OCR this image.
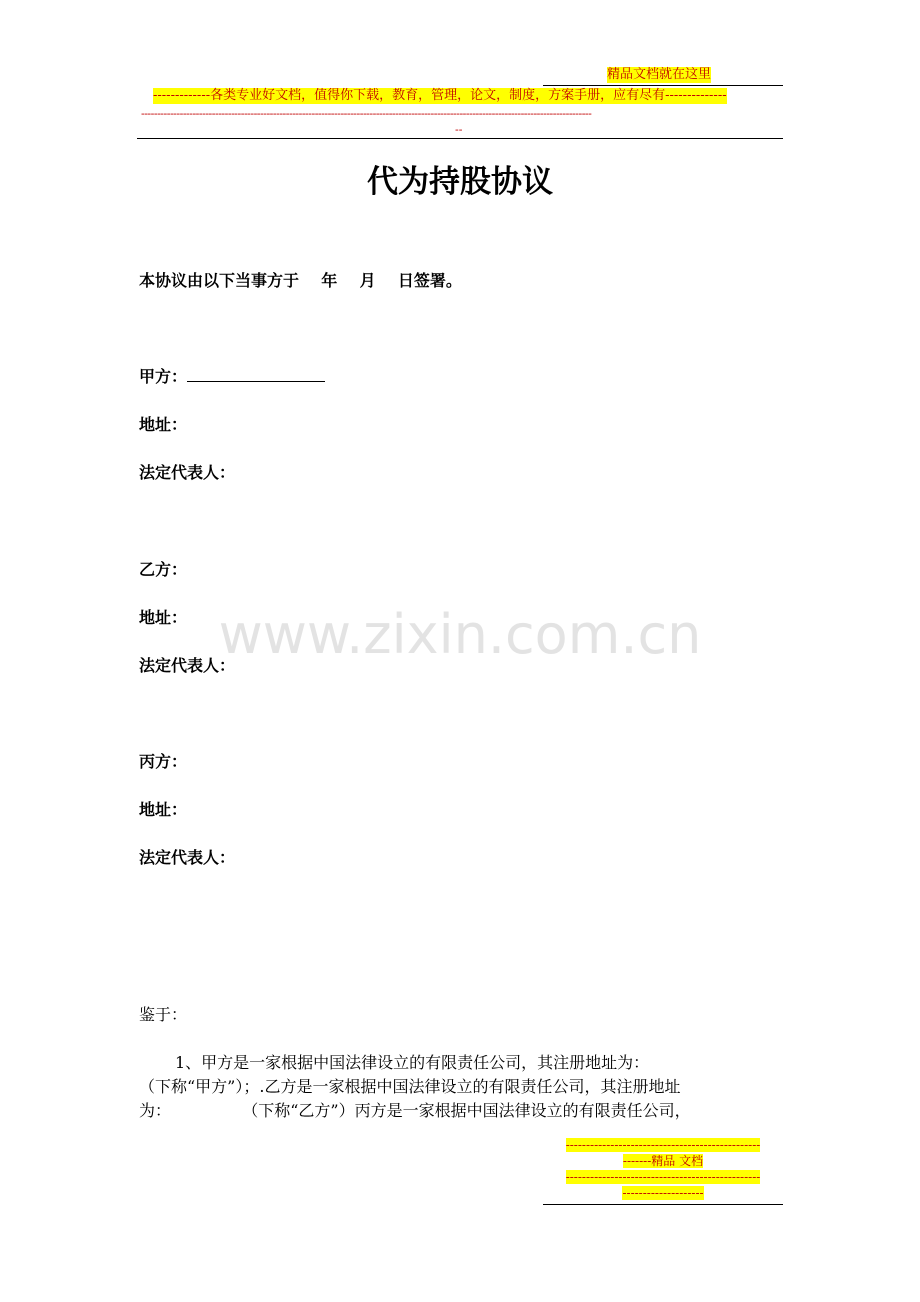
精品文档就在这里
-------------各类专业好文档，值得你下载，教育，管理，论文，制度，方案手册，应有尽有--------------
--------------------------------------------------------------------------------------------------------------------------------------------
--
代为持股协议
本协议由以下当事方于    年    月    日签署。
甲方：
地址：
法定代表人：
乙方：
地址：
法定代表人：
www.zixin.com.cn
丙方：
地址：
法定代表人：
鉴于：
1、甲方是一家根据中国法律设立的有限责任公司，其注册地址为：
（下称“甲方”）；.乙方是一家根据中国法律设立的有限责任公司，其注册地址
为：              （下称“乙方”）丙方是一家根据中国法律设立的有限责任公司，
------------------------------------------------
-------精品 文档
------------------------------------------------
--------------------
